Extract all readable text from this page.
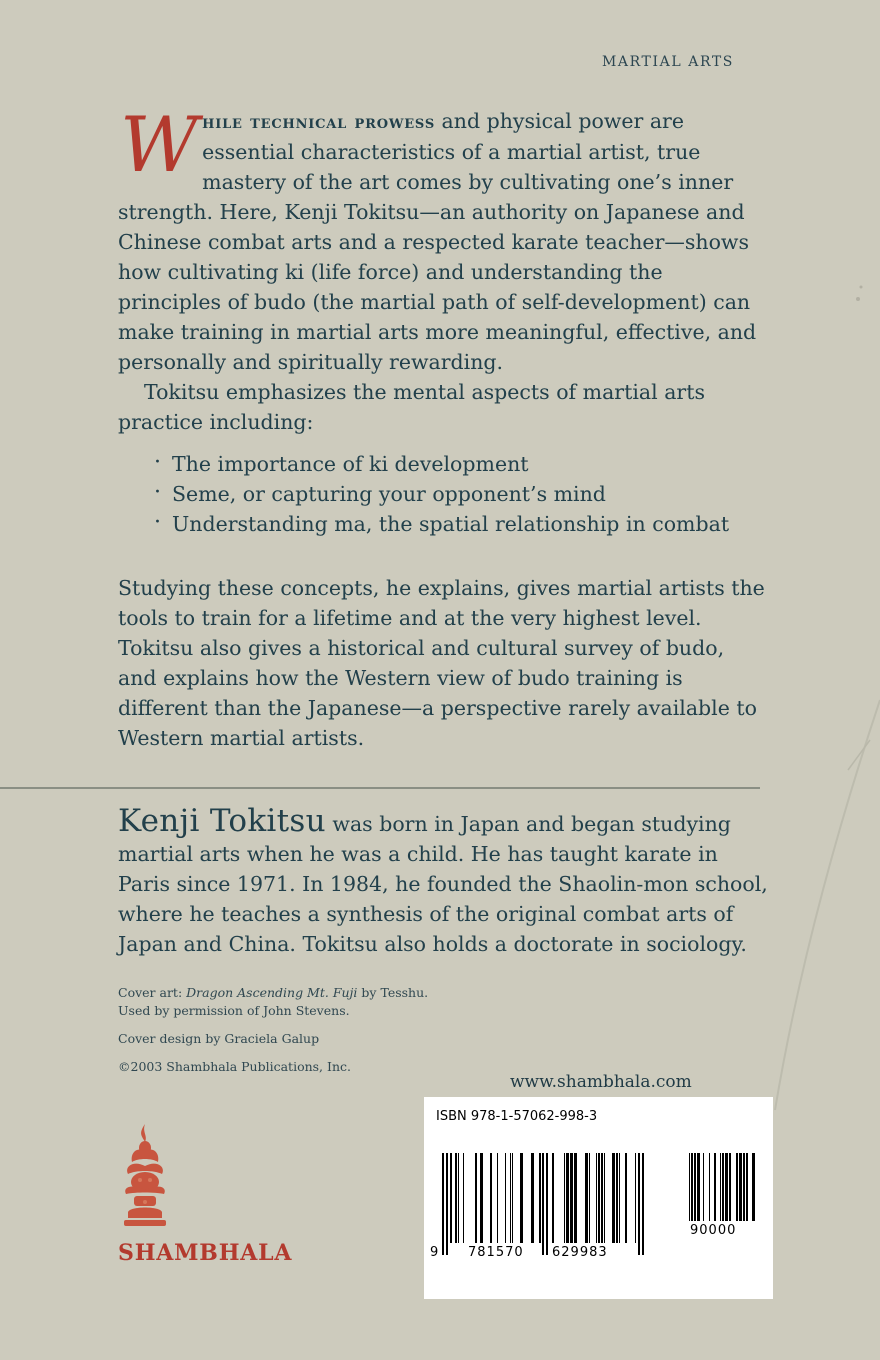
MARTIAL ARTS

While technical prowess and physical power are essential characteristics of a martial artist, true mastery of the art comes by cultivating one’s inner strength. Here, Kenji Tokitsu—an authority on Japanese and Chinese combat arts and a respected karate teacher—shows how cultivating ki (life force) and understanding the principles of budo (the martial path of self-development) can make training in martial arts more meaningful, effective, and personally and spiritually rewarding.

Tokitsu emphasizes the mental aspects of martial arts practice including:

· The importance of ki development
· Seme, or capturing your opponent’s mind
· Understanding ma, the spatial relationship in combat

Studying these concepts, he explains, gives martial artists the tools to train for a lifetime and at the very highest level. Tokitsu also gives a historical and cultural survey of budo, and explains how the Western view of budo training is different than the Japanese—a perspective rarely available to Western martial artists.

Kenji Tokitsu was born in Japan and began studying martial arts when he was a child. He has taught karate in Paris since 1971. In 1984, he founded the Shaolin-mon school, where he teaches a synthesis of the original combat arts of Japan and China. Tokitsu also holds a doctorate in sociology.

Cover art: Dragon Ascending Mt. Fuji by Tesshu.
Used by permission of John Stevens.

Cover design by Graciela Galup

©2003 Shambhala Publications, Inc.

www.shambhala.com
SHAMBHALA
ISBN 978-1-57062-998-3
9 781570 629983
90000
